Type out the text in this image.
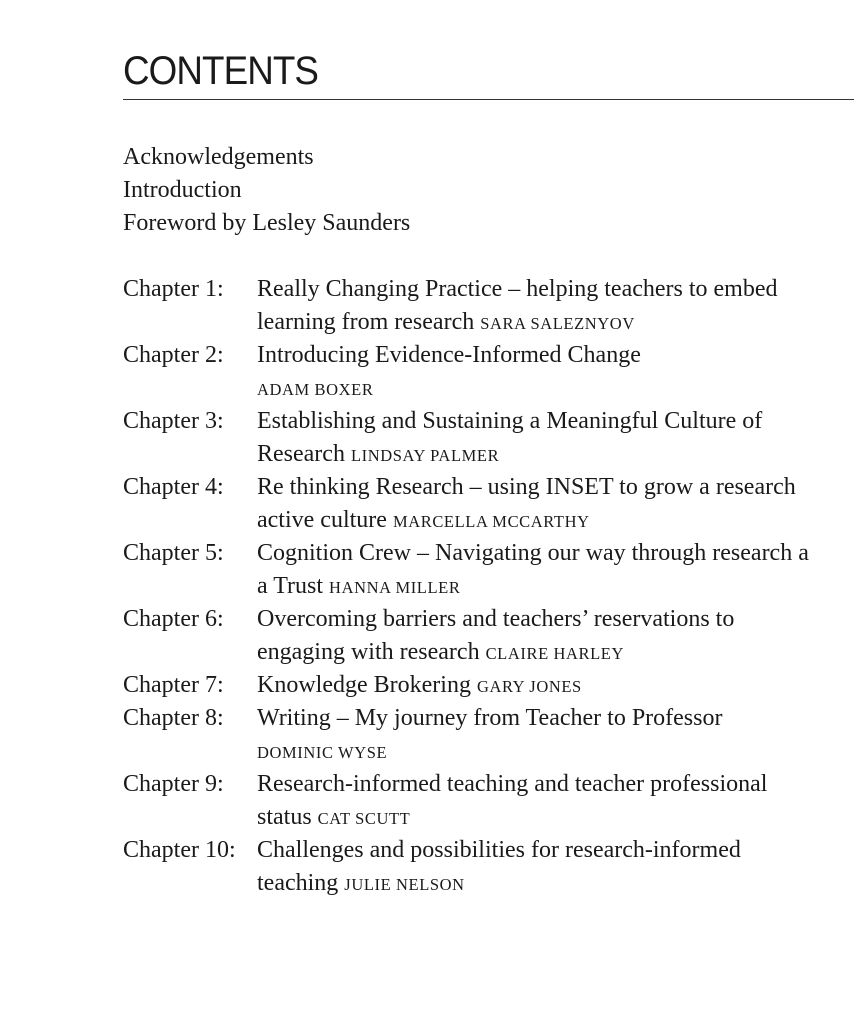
CONTENTS
Acknowledgements
Introduction
Foreword by Lesley Saunders
Chapter 1:	Really Changing Practice – helping teachers to embed
learning from research SARA SALEZNYOV
Chapter 2:	Introducing Evidence-Informed Change
ADAM BOXER
Chapter 3:	Establishing and Sustaining a Meaningful Culture of
Research LINDSAY PALMER
Chapter 4:	Re thinking Research – using INSET to grow a research
active culture MARCELLA MCCARTHY
Chapter 5:	Cognition Crew – Navigating our way through research a
a Trust HANNA MILLER
Chapter 6:	Overcoming barriers and teachers’ reservations to
engaging with research CLAIRE HARLEY
Chapter 7:	Knowledge Brokering GARY JONES
Chapter 8:	Writing – My journey from Teacher to Professor
DOMINIC WYSE
Chapter 9:	Research-informed teaching and teacher professional
status CAT SCUTT
Chapter 10: Challenges and possibilities for research-informed
teaching JULIE NELSON
